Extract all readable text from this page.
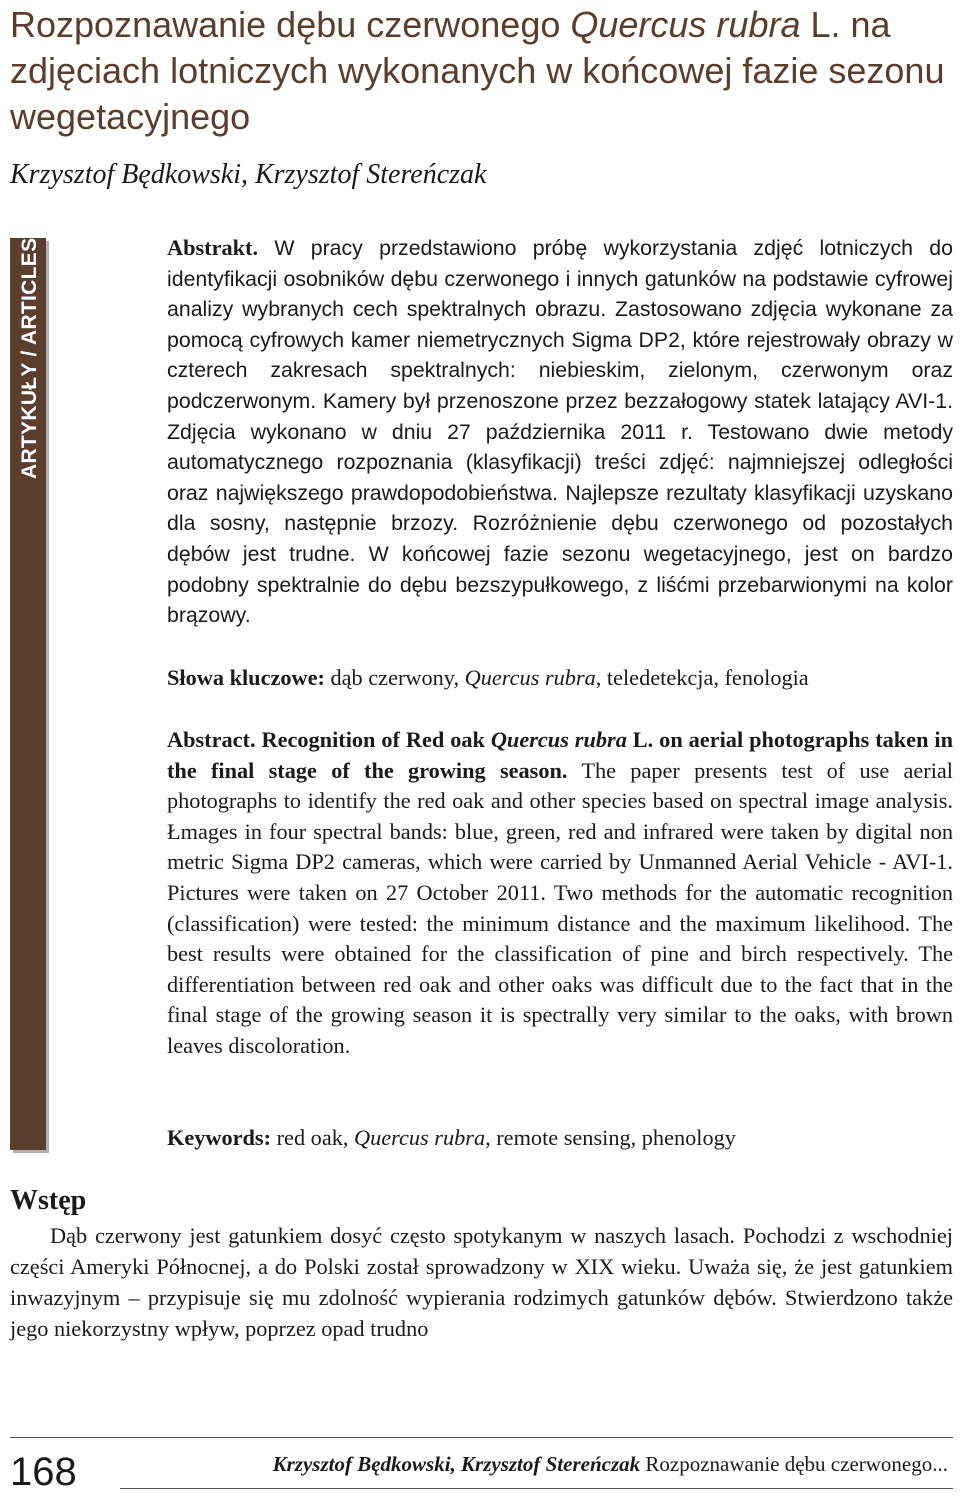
Rozpoznawanie dębu czerwonego Quercus rubra L. na zdjęciach lotniczych wykonanych w końcowej fazie sezonu wegetacyjnego

Krzysztof Będkowski, Krzysztof Stereńczak

ARTYKUŁY / ARTICLES	Abstrakt. W pracy przedstawiono próbę wykorzystania zdjęć lotniczych do identyfikacji osobników dębu czerwonego i innych gatunków na podstawie cyfrowej analizy wybranych cech spektralnych obrazu. Zastosowano zdjęcia wykonane za pomocą cyfrowych kamer niemetrycznych Sigma DP2, które rejestrowały obrazy w czterech zakresach spektralnych: niebieskim, zielonym, czerwonym oraz podczerwonym. Kamery był przenoszone przez bezzałogowy statek latający AVI-1. Zdjęcia wykonano w dniu 27 października 2011 r. Testowano dwie metody automatycznego rozpoznania (klasyfikacji) treści zdjęć: najmniejszej odległości oraz największego prawdopodobieństwa. Najlepsze rezultaty klasyfikacji uzyskano dla sosny, następnie brzozy. Rozróżnienie dębu czerwonego od pozostałych dębów jest trudne. W końcowej fazie sezonu wegetacyjnego, jest on bardzo podobny spektralnie do dębu bezszypułkowego, z liśćmi przebarwionymi na kolor brązowy.

Słowa kluczowe: dąb czerwony, Quercus rubra, teledetekcja, fenologia

Abstract. Recognition of Red oak Quercus rubra L. on aerial photographs taken in the final stage of the growing season. The paper presents test of use aerial photographs to identify the red oak and other species based on spectral image analysis. Łmages in four spectral bands: blue, green, red and infrared were taken by digital non metric Sigma DP2 cameras, which were carried by Unmanned Aerial Vehicle - AVI-1. Pictures were taken on 27 October 2011. Two methods for the automatic recognition (classification) were tested: the minimum distance and the maximum likelihood. The best results were obtained for the classification of pine and birch respectively. The differentiation between red oak and other oaks was difficult due to the fact that in the final stage of the growing season it is spectrally very similar to the oaks, with brown leaves discoloration.

Keywords: red oak, Quercus rubra, remote sensing, phenology

Wstęp

Dąb czerwony jest gatunkiem dosyć często spotykanym w naszych lasach. Pochodzi z wschodniej części Ameryki Północnej, a do Polski został sprowadzony w XIX wieku. Uważa się, że jest gatunkiem inwazyjnym – przypisuje się mu zdolność wypierania rodzimych gatunków dębów. Stwierdzono także jego niekorzystny wpływ, poprzez opad trudno

168	Krzysztof Będkowski, Krzysztof Stereńczak Rozpoznawanie dębu czerwonego...
